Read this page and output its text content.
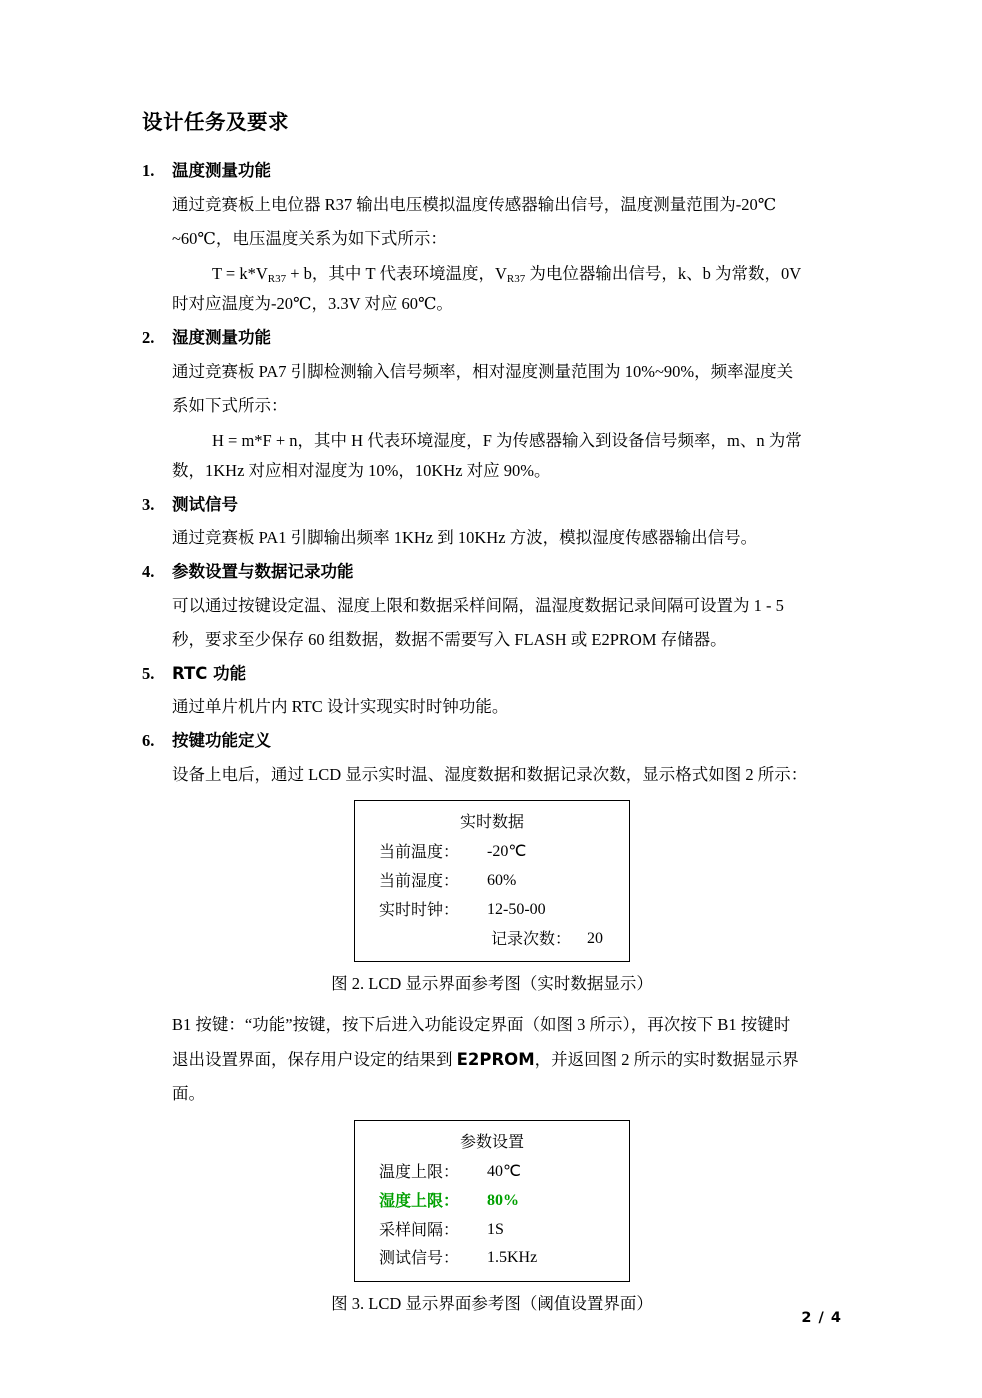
设计任务及要求
1. 温度测量功能

通过竞赛板上电位器 R37 输出电压模拟温度传感器输出信号，温度测量范围为-20℃

~60℃，电压温度关系为如下式所示：

$T = k*V_{R37} + b$，其中 T 代表环境温度，$V_{R37}$ 为电位器输出信号，k、b 为常数，0V

时对应温度为-20℃，3.3V 对应 60℃。

2. 湿度测量功能

通过竞赛板 PA7 引脚检测输入信号频率，相对湿度测量范围为 10%~90%，频率湿度关

系如下式所示：

H = m*F + n，其中 H 代表环境湿度，F 为传感器输入到设备信号频率，m、n 为常

数，1KHz 对应相对湿度为 10%，10KHz 对应 90%。

3. 测试信号

通过竞赛板 PA1 引脚输出频率 1KHz 到 10KHz 方波，模拟湿度传感器输出信号。

4. 参数设置与数据记录功能

可以通过按键设定温、湿度上限和数据采样间隔，温湿度数据记录间隔可设置为 1 - 5

秒，要求至少保存 60 组数据，数据不需要写入 FLASH 或 E2PROM 存储器。

5. RTC 功能

通过单片机片内 RTC 设计实现实时时钟功能。

6. 按键功能定义

设备上电后，通过 LCD 显示实时温、湿度数据和数据记录次数，显示格式如图 2 所示：

实时数据
当前温度：	-20℃
当前湿度：	60%
实时时钟：	12-50-00
记录次数： 20
图 2. LCD 显示界面参考图（实时数据显示）

B1 按键：“功能”按键，按下后进入功能设定界面（如图 3 所示），再次按下 B1 按键时

退出设置界面，保存用户设定的结果到 E2PROM，并返回图 2 所示的实时数据显示界

面。

参数设置
温度上限：	40℃
湿度上限：	80%
采样间隔：	1S
测试信号：	1.5KHz
图 3. LCD 显示界面参考图（阈值设置界面）
2 / 4
